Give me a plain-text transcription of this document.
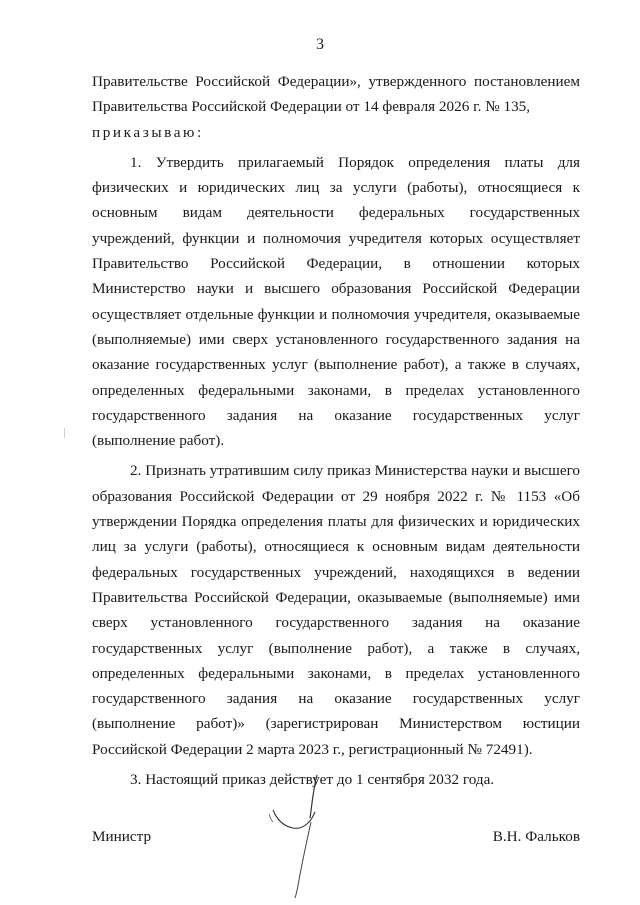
3

Правительстве Российской Федерации», утвержденного постановлением Правительства Российской Федерации от 14 февраля 2026 г. № 135,

приказываю:

1. Утвердить прилагаемый Порядок определения платы для физических и юридических лиц за услуги (работы), относящиеся к основным видам деятельности федеральных государственных учреждений, функции и полномочия учредителя которых осуществляет Правительство Российской Федерации, в отношении которых Министерство науки и высшего образования Российской Федерации осуществляет отдельные функции и полномочия учредителя, оказываемые (выполняемые) ими сверх установленного государственного задания на оказание государственных услуг (выполнение работ), а также в случаях, определенных федеральными законами, в пределах установленного государственного задания на оказание государственных услуг (выполнение работ).

2. Признать утратившим силу приказ Министерства науки и высшего образования Российской Федерации от 29 ноября 2022 г. № 1153 «Об утверждении Порядка определения платы для физических и юридических лиц за услуги (работы), относящиеся к основным видам деятельности федеральных государственных учреждений, находящихся в ведении Правительства Российской Федерации, оказываемые (выполняемые) ими сверх установленного государственного задания на оказание государственных услуг (выполнение работ), а также в случаях, определенных федеральными законами, в пределах установленного государственного задания на оказание государственных услуг (выполнение работ)» (зарегистрирован Министерством юстиции Российской Федерации 2 марта 2023 г., регистрационный № 72491).

3. Настоящий приказ действует до 1 сентября 2032 года.

Министр	В.Н. Фальков
